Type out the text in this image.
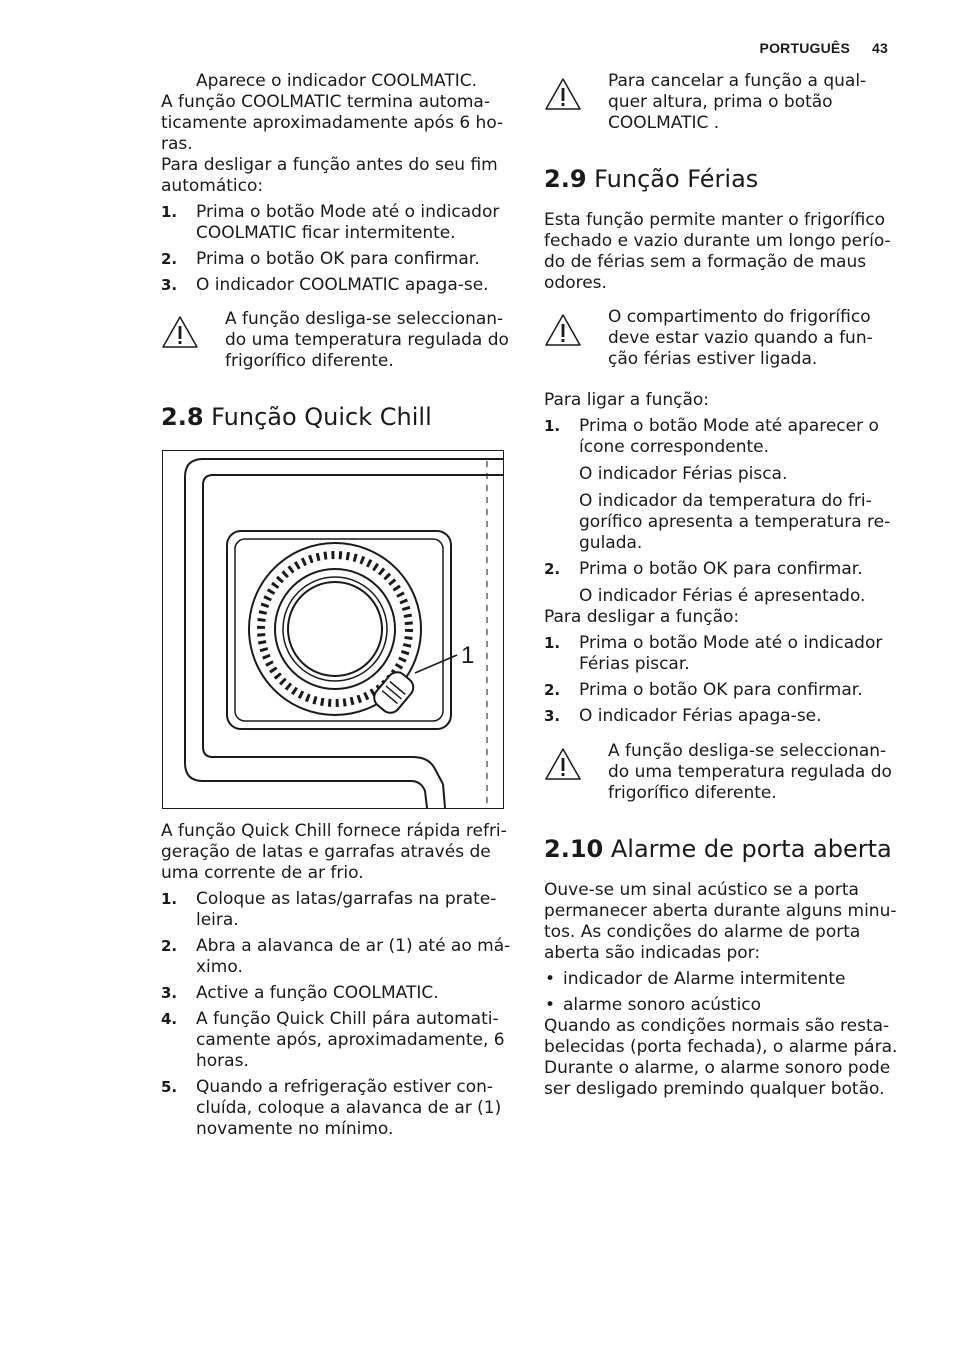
PORTUGUÊS 43

Aparece o indicador COOLMATIC.

A função COOLMATIC termina automa-ticamente aproximadamente após 6 ho-ras.

Para desligar a função antes do seu fim automático:

1. Prima o botão Mode até o indicador COOLMATIC ficar intermitente.
2. Prima o botão OK para confirmar.
3. O indicador COOLMATIC apaga-se.

A função desliga-se seleccionan-do uma temperatura regulada do frigorífico diferente.

2.8 Função Quick Chill
1

A função Quick Chill fornece rápida refri-geração de latas e garrafas através de uma corrente de ar frio.

1. Coloque as latas/garrafas na prate-leira.
2. Abra a alavanca de ar (1) até ao má-ximo.
3. Active a função COOLMATIC.
4. A função Quick Chill pára automati-camente após, aproximadamente, 6 horas.
5. Quando a refrigeração estiver con-cluída, coloque a alavanca de ar (1) novamente no mínimo.

Para cancelar a função a qual-quer altura, prima o botão COOLMATIC .

2.9 Função Férias

Esta função permite manter o frigorífico fechado e vazio durante um longo perío-do de férias sem a formação de maus odores.

O compartimento do frigorífico deve estar vazio quando a fun-ção férias estiver ligada.

Para ligar a função:

1. Prima o botão Mode até aparecer o ícone correspondente.

O indicador Férias pisca.

O indicador da temperatura do fri-gorífico apresenta a temperatura re-gulada.

2. Prima o botão OK para confirmar.

O indicador Férias é apresentado.

Para desligar a função:

1. Prima o botão Mode até o indicador Férias piscar.
2. Prima o botão OK para confirmar.
3. O indicador Férias apaga-se.

A função desliga-se seleccionan-do uma temperatura regulada do frigorífico diferente.

2.10 Alarme de porta aberta

Ouve-se um sinal acústico se a porta permanecer aberta durante alguns minu-tos. As condições do alarme de porta aberta são indicadas por:

• indicador de Alarme intermitente
• alarme sonoro acústico

Quando as condições normais são resta-belecidas (porta fechada), o alarme pára. Durante o alarme, o alarme sonoro pode ser desligado premindo qualquer botão.
